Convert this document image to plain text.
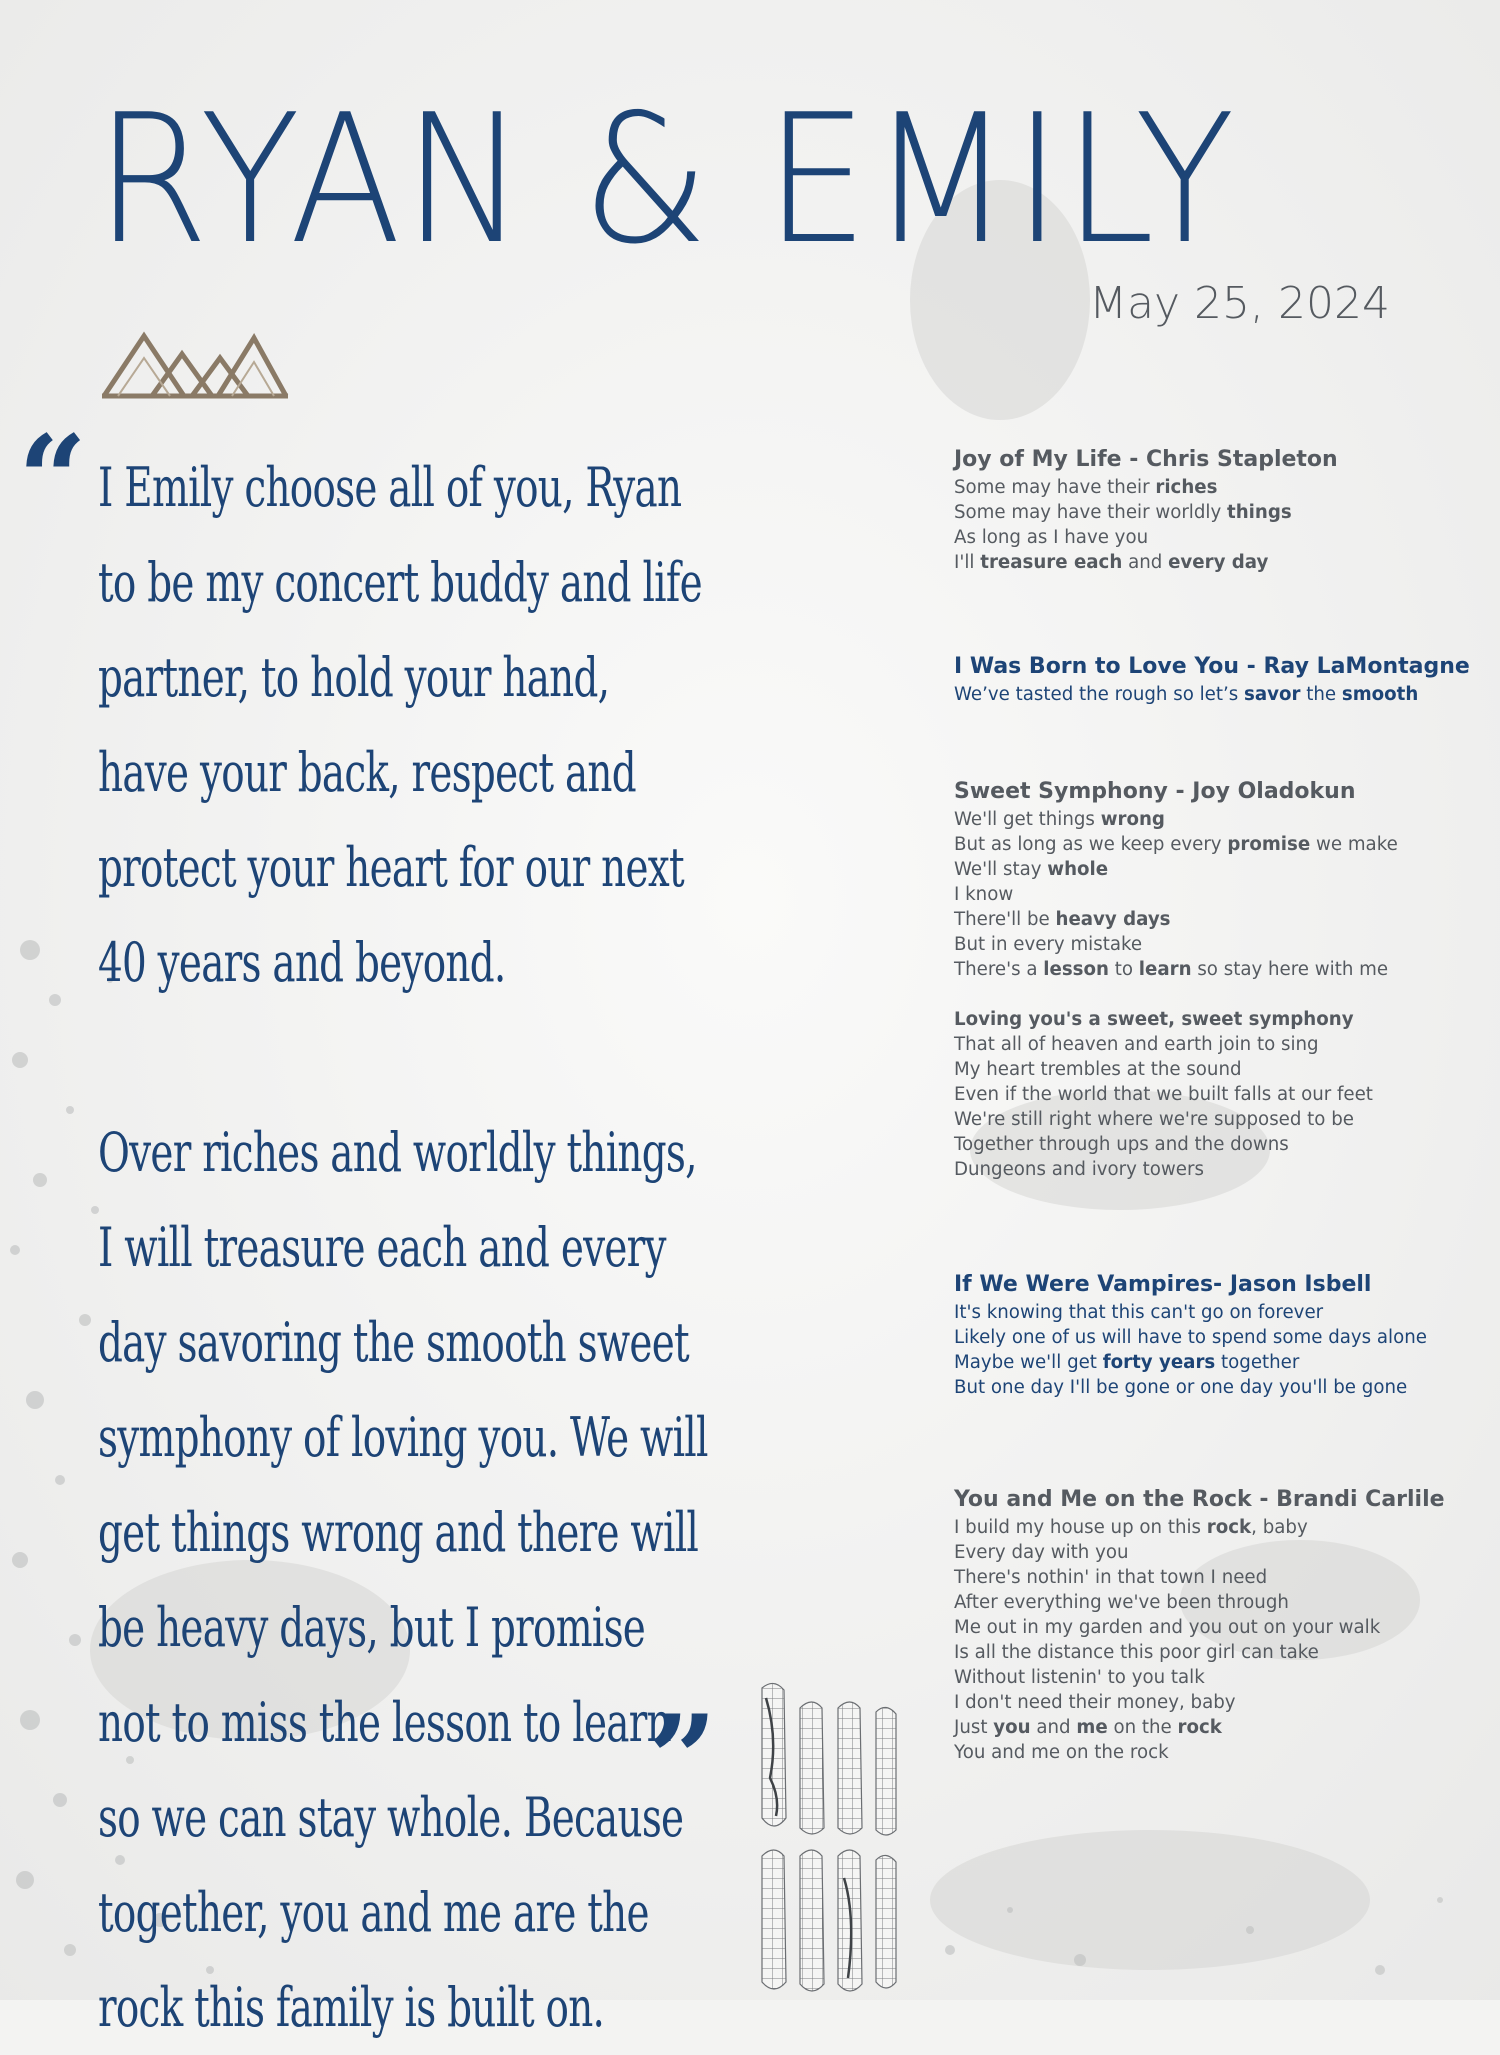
RYAN & EMILY
May 25, 2024
“ I Emily choose all of you, Ryan to be my concert buddy and life partner, to hold your hand, have your back, respect and protect your heart for our next 40 years and beyond.

Over riches and worldly things, I will treasure each and every day savoring the smooth sweet symphony of loving you. We will get things wrong and there will be heavy days, but I promise not to miss the lesson to learn so we can stay whole. Because together, you and me are the rock this family is built on.

”
Joy of My Life - Chris Stapleton
Some may have their riches
Some may have their worldly things
As long as I have you
I'll treasure each and every day
I Was Born to Love You - Ray LaMontagne
We’ve tasted the rough so let’s savor the smooth
Sweet Symphony - Joy Oladokun
We'll get things wrong
But as long as we keep every promise we make
We'll stay whole
I know
There'll be heavy days
But in every mistake
There's a lesson to learn so stay here with me
Loving you's a sweet, sweet symphony
That all of heaven and earth join to sing
My heart trembles at the sound
Even if the world that we built falls at our feet
We're still right where we're supposed to be
Together through ups and the downs
Dungeons and ivory towers
If We Were Vampires- Jason Isbell
It's knowing that this can't go on forever
Likely one of us will have to spend some days alone
Maybe we'll get forty years together
But one day I'll be gone or one day you'll be gone
You and Me on the Rock - Brandi Carlile
I build my house up on this rock, baby
Every day with you
There's nothin' in that town I need
After everything we've been through
Me out in my garden and you out on your walk
Is all the distance this poor girl can take
Without listenin' to you talk
I don't need their money, baby
Just you and me on the rock
You and me on the rock
